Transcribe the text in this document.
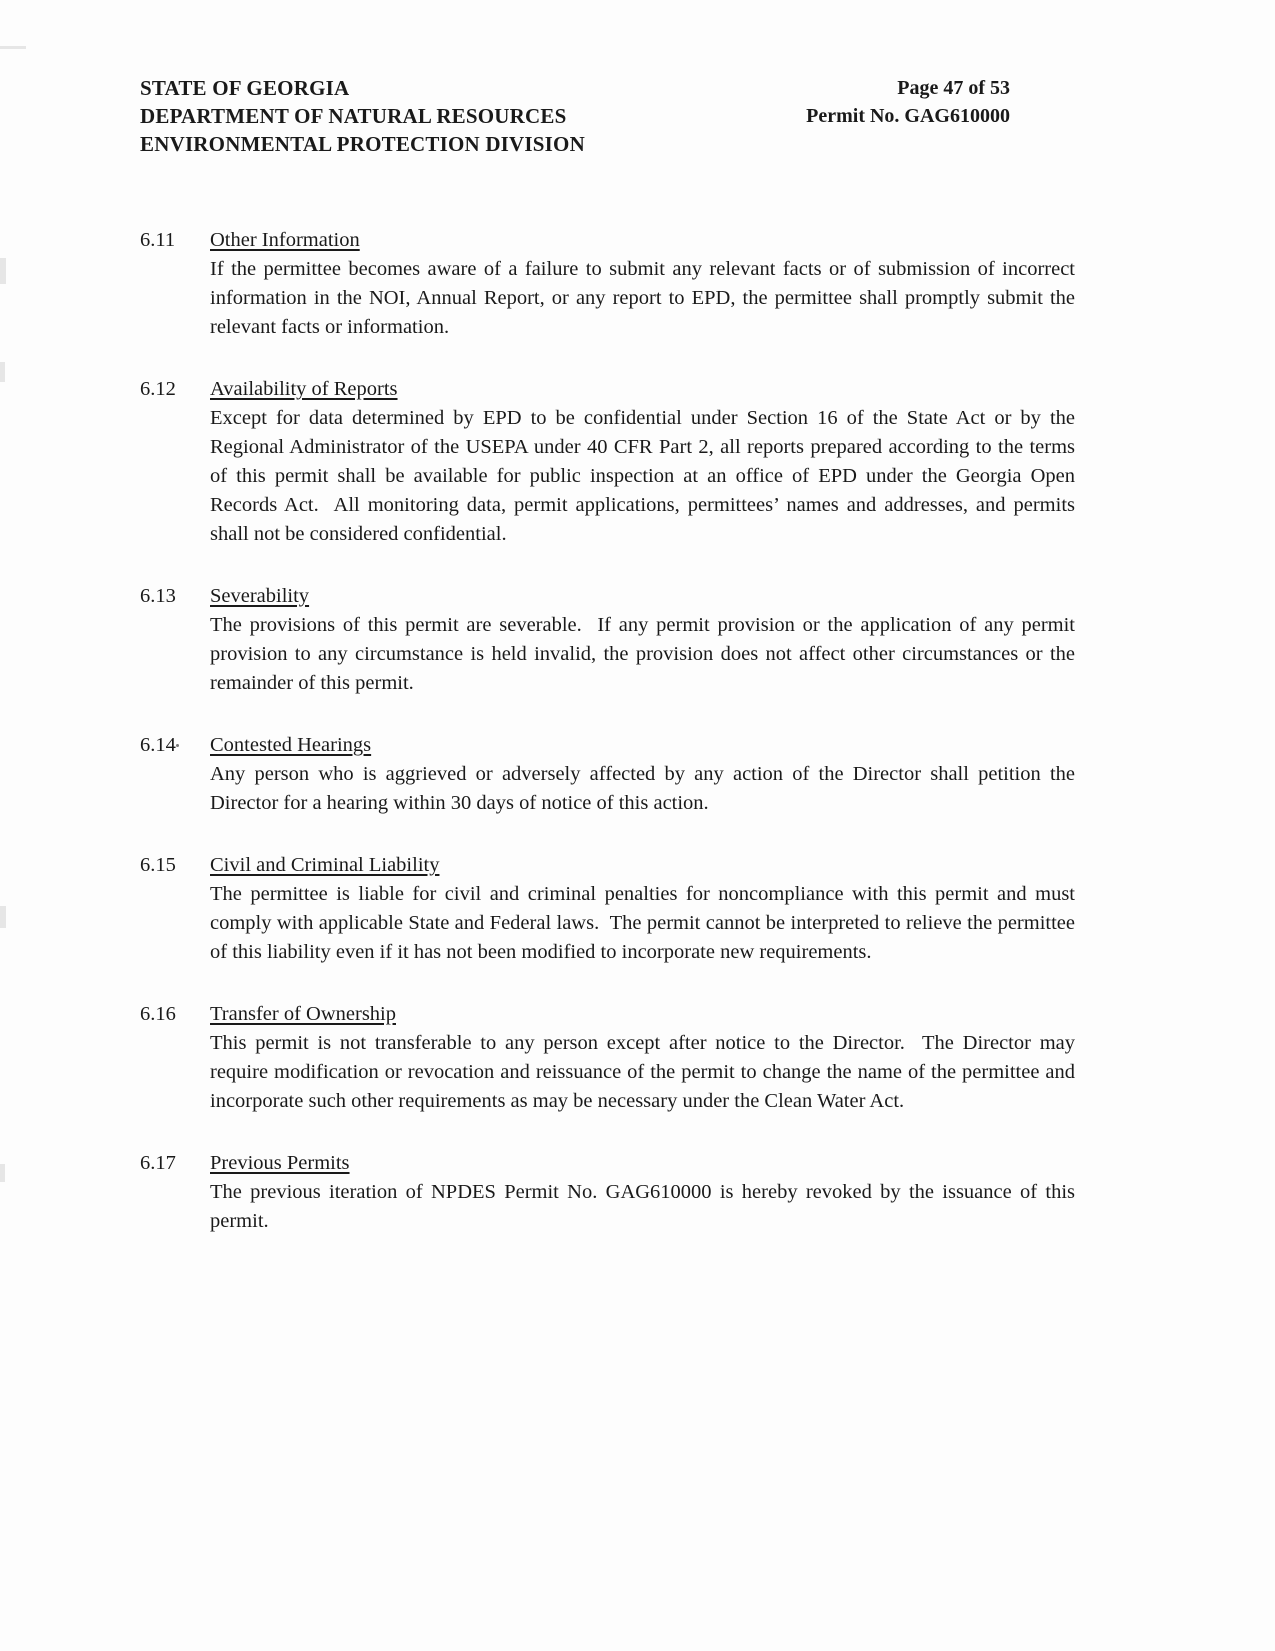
STATE OF GEORGIA
DEPARTMENT OF NATURAL RESOURCES
ENVIRONMENTAL PROTECTION DIVISION
Page 47 of 53
Permit No. GAG610000
6.11	Other Information
If the permittee becomes aware of a failure to submit any relevant facts or of submission of incorrect information in the NOI, Annual Report, or any report to EPD, the permittee shall promptly submit the relevant facts or information.
6.12	Availability of Reports
Except for data determined by EPD to be confidential under Section 16 of the State Act or by the Regional Administrator of the USEPA under 40 CFR Part 2, all reports prepared according to the terms of this permit shall be available for public inspection at an office of EPD under the Georgia Open Records Act.  All monitoring data, permit applications, permittees’ names and addresses, and permits shall not be considered confidential.
6.13	Severability
The provisions of this permit are severable.  If any permit provision or the application of any permit provision to any circumstance is held invalid, the provision does not affect other circumstances or the remainder of this permit.
6.14	Contested Hearings
Any person who is aggrieved or adversely affected by any action of the Director shall petition the Director for a hearing within 30 days of notice of this action.
6.15	Civil and Criminal Liability
The permittee is liable for civil and criminal penalties for noncompliance with this permit and must comply with applicable State and Federal laws.  The permit cannot be interpreted to relieve the permittee of this liability even if it has not been modified to incorporate new requirements.
6.16	Transfer of Ownership
This permit is not transferable to any person except after notice to the Director.  The Director may require modification or revocation and reissuance of the permit to change the name of the permittee and incorporate such other requirements as may be necessary under the Clean Water Act.
6.17	Previous Permits
The previous iteration of NPDES Permit No. GAG610000 is hereby revoked by the issuance of this permit.
